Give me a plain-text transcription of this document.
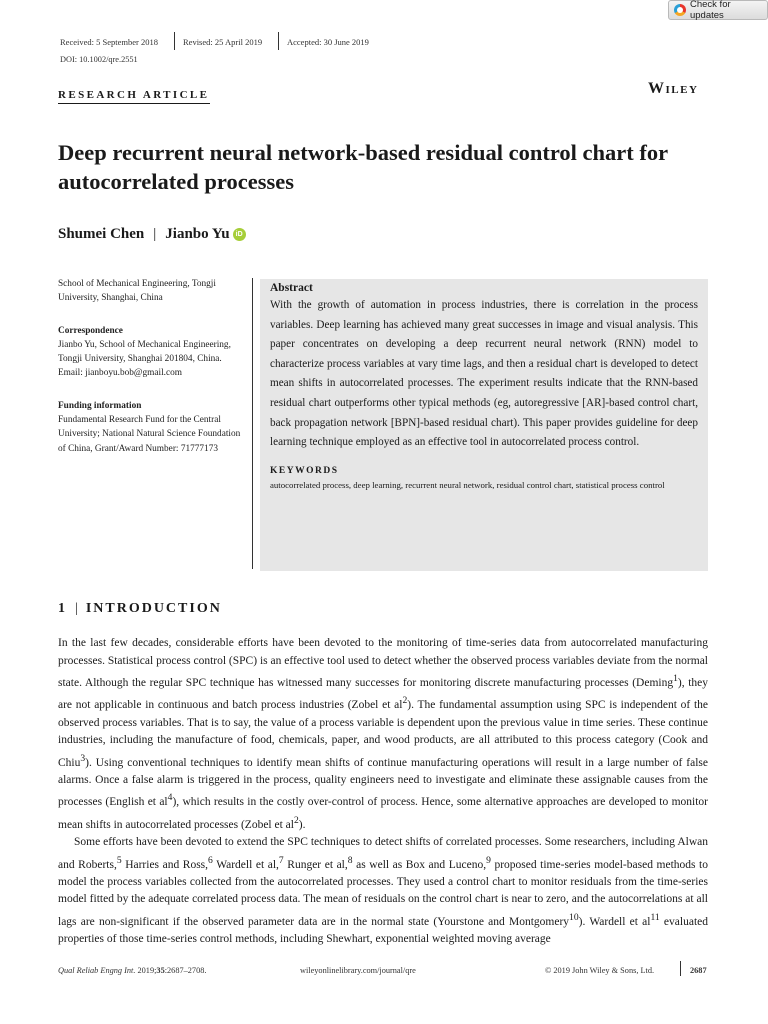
Check for updates
Received: 5 September 2018	Revised: 25 April 2019	Accepted: 30 June 2019
DOI: 10.1002/qre.2551
RESEARCH ARTICLE	Wiley
Deep recurrent neural network-based residual control chart for autocorrelated processes
Shumei Chen | Jianbo Yu iD

School of Mechanical Engineering, Tongji University, Shanghai, China

Correspondence

Jianbo Yu, School of Mechanical Engineering, Tongji University, Shanghai 201804, China.

Email: jianboyu.bob@gmail.com

Funding information

Fundamental Research Fund for the Central University; National Natural Science Foundation of China, Grant/Award Number: 71777173

Abstract

With the growth of automation in process industries, there is correlation in the process variables. Deep learning has achieved many great successes in image and visual analysis. This paper concentrates on developing a deep recurrent neural network (RNN) model to characterize process variables at vary time lags, and then a residual chart is developed to detect mean shifts in autocorrelated processes. The experiment results indicate that the RNN-based residual chart outperforms other typical methods (eg, autoregressive [AR]-based control chart, back propagation network [BPN]-based residual chart). This paper provides guideline for deep learning technique employed as an effective tool in autocorrelated process control.

KEYWORDS
autocorrelated process, deep learning, recurrent neural network, residual control chart, statistical process control
1 | INTRODUCTION

In the last few decades, considerable efforts have been devoted to the monitoring of time-series data from autocorrelated manufacturing processes. Statistical process control (SPC) is an effective tool used to detect whether the observed process variables deviate from the normal state. Although the regular SPC technique has witnessed many successes for monitoring discrete manufacturing processes (Deming$^1$), they are not applicable in continuous and batch process industries (Zobel et $al^2$). The fundamental assumption using SPC is independent of the observed process variables. That is to say, the value of a process variable is dependent upon the previous value in time series. These continue industries, including the manufacture of food, chemicals, paper, and wood products, are all attributed to this process category (Cook and Chiu$^3$). Using conventional techniques to identify mean shifts of continue manufacturing operations will result in a large number of false alarms. Once a false alarm is triggered in the process, quality engineers need to investigate and eliminate these assignable causes from the processes (English et $al^4$), which results in the costly over-control of process. Hence, some alternative approaches are developed to monitor mean shifts in autocorrelated processes (Zobel et $al^2$).

Some efforts have been devoted to extend the SPC techniques to detect shifts of correlated processes. Some researchers, including Alwan and Roberts,$^5$ Harries and Ross,$^6$ Wardell et al,$^7$ Runger et al,$^8$ as well as Box and Luceno,$^9$ proposed time-series model-based methods to model the process variables collected from the autocorrelated processes. They used a control chart to monitor residuals from the time-series model fitted by the adequate correlated process data. The mean of residuals on the control chart is near to zero, and the autocorrelations at all lags are non-significant if the observed parameter data are in the normal state (Yourstone and Montgomery$^{10}$). Wardell et $al^{11}$ evaluated properties of those time-series control methods, including Shewhart, exponential weighted moving average

Qual Reliab Engng Int. 2019;35:2687–2708.	wileyonlinelibrary.com/journal/qre	© 2019 John Wiley & Sons, Ltd.	2687
